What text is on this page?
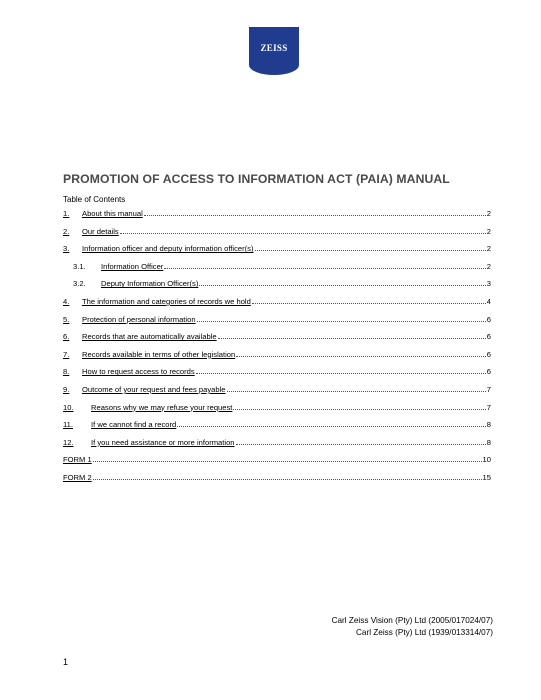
ZEISS
PROMOTION OF ACCESS TO INFORMATION ACT (PAIA) MANUAL
Table of Contents
1.	About this manual	2
2.	Our details	2
3.	Information officer and deputy information officer(s)	2
3.1.	Information Officer	2
3.2.	Deputy Information Officer(s)	3
4.	The information and categories of records we hold	4
5.	Protection of personal information	6
6.	Records that are automatically available	6
7.	Records available in terms of other legislation	6
8.	How to request access to records	6
9.	Outcome of your request and fees payable	7
10.	Reasons why we may refuse your request	7
11.	If we cannot find a record	8
12.	If you need assistance or more information	8
FORM 1	10
FORM 2	15
Carl Zeiss Vision (Pty) Ltd (2005/017024/07)
Carl Zeiss (Pty) Ltd (1939/013314/07)
1
